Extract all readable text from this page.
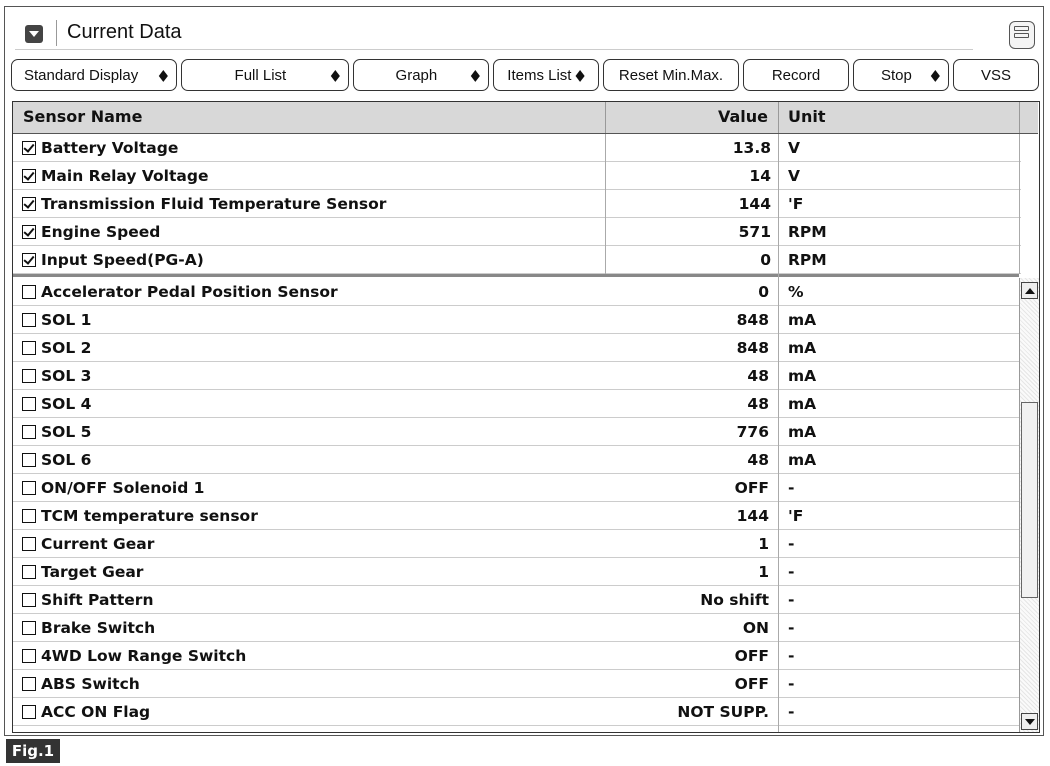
Current Data
Standard Display ◆	Full List	◆	Graph	◆ Items List ◆ Reset Min.Max.	Record	Stop	◆	VSS
Sensor Name	Value Unit
Battery Voltage	13.8 V
Main Relay Voltage	14 V
Transmission Fluid Temperature Sensor	144 'F
Engine Speed	571 RPM
Input Speed(PG-A)	0 RPM
Accelerator Pedal Position Sensor	0 %
SOL 1	848 mA
SOL 2	848 mA
SOL 3	48 mA
SOL 4	48 mA
SOL 5	776 mA
SOL 6	48 mA
ON/OFF Solenoid 1	OFF -
TCM temperature sensor	144 'F
Current Gear	1 -
Target Gear	1 -
Shift Pattern	No shift -
Brake Switch	ON -
4WD Low Range Switch	OFF -
ABS Switch	OFF -
ACC ON Flag	NOT SUPP. -
Fig.1
